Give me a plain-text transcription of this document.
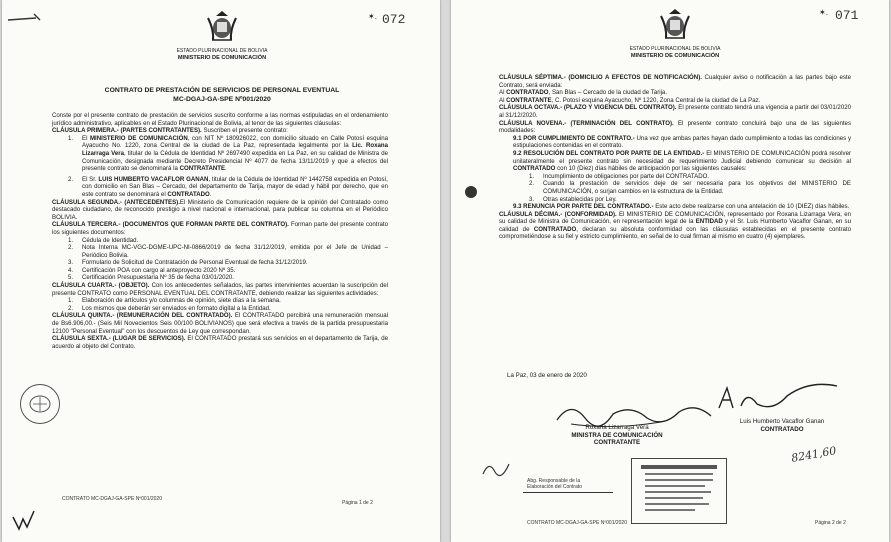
072
✶.
ESTADO PLURINACIONAL DE BOLIVIA
MINISTERIO DE COMUNICACIÓN
CONTRATO DE PRESTACIÓN DE SERVICIOS DE PERSONAL EVENTUAL
MC-DGAJ-GA-SPE Nº001/2020
Conste por el presente contrato de prestación de servicios suscrito conforme a las normas estipuladas en el ordenamiento jurídico administrativo, aplicables en el Estado Plurinacional de Bolivia, al tenor de las siguientes cláusulas:
CLÁUSULA PRIMERA.- (PARTES CONTRATANTES). Suscriben el presente contrato:
1. El MINISTERIO DE COMUNICACIÓN, con NIT Nº 180926022, con domicilio situado en Calle Potosí esquina Ayacucho No. 1220, zona Central de la ciudad de La Paz, representada legalmente por la Lic. Roxana Lizarraga Vera, titular de la Cédula de Identidad Nº 2697490 expedida en La Paz, en su calidad de Ministra de Comunicación, designada mediante Decreto Presidencial Nº 4077 de fecha 13/11/2019 y que a efectos del presente contrato se denominará la CONTRATANTE.
2. El Sr. LUIS HUMBERTO VACAFLOR GANAN, titular de la Cédula de Identidad Nº 1442758 expedida en Potosí, con domicilio en San Blas – Cercado, del departamento de Tarija, mayor de edad y hábil por derecho, que en este contrato se denominará el CONTRATADO.
CLÁUSULA SEGUNDA.- (ANTECEDENTES).El Ministerio de Comunicación requiere de la opinión del Contratado como destacado ciudadano, de reconocido prestigio a nivel nacional e internacional, para publicar su columna en el Periódico BOLIVIA.
CLÁUSULA TERCERA.- (DOCUMENTOS QUE FORMAN PARTE DEL CONTRATO). Forman parte del presente contrato los siguientes documentos:
1. Cédula de Identidad.
2. Nota Interna MC-VGC-DGME-UPC-NI-0866/2019 de fecha 31/12/2019, emitida por el Jefe de Unidad – Periódico Bolivia.
3. Formulario de Solicitud de Contratación de Personal Eventual de fecha 31/12/2019.
4. Certificación POA con cargo al anteproyecto 2020 Nº 35.
5. Certificación Presupuestaria Nº 35 de fecha 03/01/2020.
CLÁUSULA CUARTA.- (OBJETO). Con los antecedentes señalados, las partes intervinientes acuerdan la suscripción del presente CONTRATO como PERSONAL EVENTUAL DEL CONTRATANTE, debiendo realizar las siguientes actividades:
1. Elaboración de artículos y/o columnas de opinión, siete días a la semana.
2. Los mismos que deberán ser enviados en formato digital a la Entidad.
CLÁUSULA QUINTA.- (REMUNERACIÓN DEL CONTRATADO). El CONTRATADO percibirá una remuneración mensual de Bs6.906,00.- (Seis Mil Novecientos Seis 00/100 BOLIVIANOS) que será efectiva a través de la partida presupuestaria 12100 "Personal Eventual" con los descuentos de Ley que correspondan.
CLÁUSULA SEXTA.- (LUGAR DE SERVICIOS). El CONTRATADO prestará sus servicios en el departamento de Tarija, de acuerdo al objeto del Contrato.
CONTRATO MC-DGAJ-GA-SPE Nº001/2020
Página 1 de 2
✶. 071
ESTADO PLURINACIONAL DE BOLIVIA
MINISTERIO DE COMUNICACIÓN
CLÁUSULA SÉPTIMA.- (DOMICILIO A EFECTOS DE NOTIFICACIÓN). Cualquier aviso o notificación a las partes bajo este Contrato, será enviada:
Al CONTRATADO, San Blas – Cercado de la ciudad de Tarija.
Al CONTRATANTE, C. Potosí esquina Ayacucho, Nº 1220, Zona Central de la ciudad de La Paz.
CLÁUSULA OCTAVA.- (PLAZO Y VIGENCIA DEL CONTRATO). El presente contrato tendrá una vigencia a partir del 03/01/2020 al 31/12/2020.
CLÁUSULA NOVENA.- (TERMINACIÓN DEL CONTRATO). El presente contrato concluirá bajo una de las siguientes modalidades:
9.1 POR CUMPLIMIENTO DE CONTRATO.- Una vez que ambas partes hayan dado cumplimiento a todas las condiciones y estipulaciones contenidas en el contrato.
9.2 RESOLUCIÓN DEL CONTRATO POR PARTE DE LA ENTIDAD.- El MINISTERIO DE COMUNICACIÓN podrá resolver unilateralmente el presente contrato sin necesidad de requerimiento Judicial debiendo comunicar su decisión al CONTRATADO con 10 (Diez) días hábiles de anticipación por las siguientes causales:
1. Incumplimiento de obligaciones por parte del CONTRATADO.
2. Cuando la prestación de servicios deje de ser necesaria para los objetivos del MINISTERIO DE COMUNICACIÓN, o surjan cambios en la estructura de la Entidad.
3. Otras establecidas por Ley.
9.3 RENUNCIA POR PARTE DEL CONTRATADO.- Este acto debe realizarse con una antelación de 10 (DIEZ) días hábiles.
CLÁUSULA DÉCIMA.- (CONFORMIDAD). El MINISTERIO DE COMUNICACIÓN, representado por Roxana Lizarraga Vera, en su calidad de Ministra de Comunicación, en representación legal de la ENTIDAD y el Sr. Luis Humberto Vacaflor Ganan, en su calidad de CONTRATADO, declaran su absoluta conformidad con las cláusulas establecidas en el presente contrato comprometiéndose a su fiel y estricto cumplimiento, en señal de lo cual firman al mismo en cuatro (4) ejemplares.
La Paz, 03 de enero de 2020
Roxana Lizarraga Vera
MINISTRA DE COMUNICACIÓN
CONTRATANTE
Luis Humberto Vacaflor Ganan
CONTRATADO
8241,60
Abg. Responsable de la
Elaboración del Contrato
CONTRATO MC-DGAJ-GA-SPE Nº001/2020	Página 2 de 2
